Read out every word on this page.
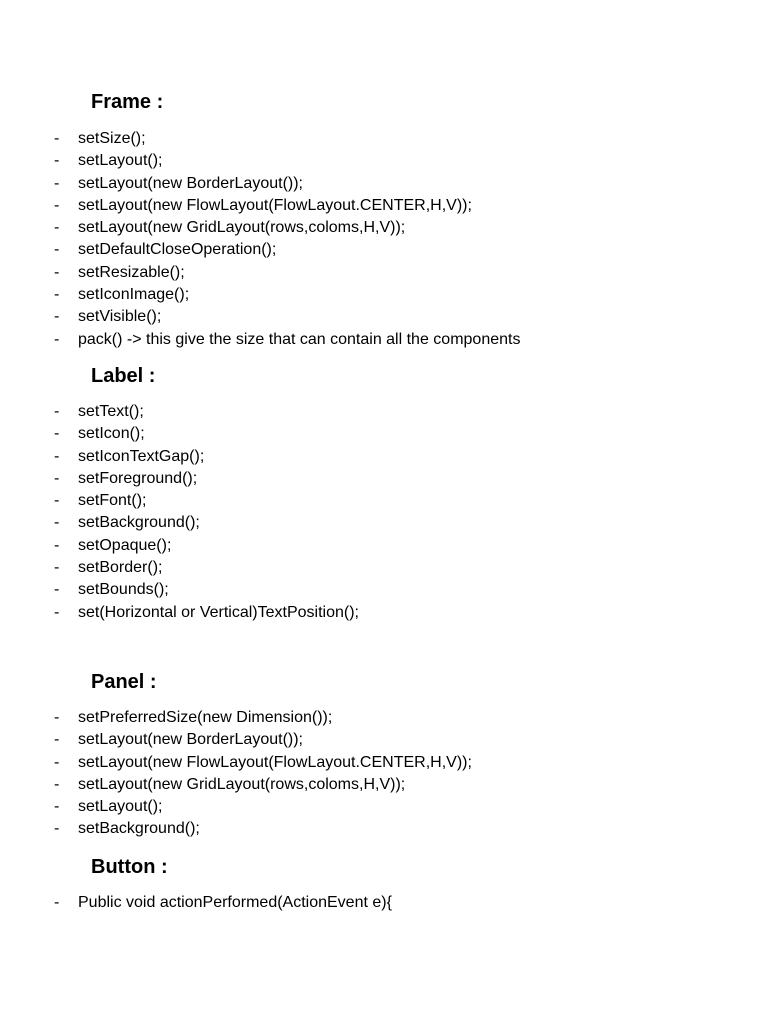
Frame :
- setSize();
- setLayout();
- setLayout(new BorderLayout());
- setLayout(new FlowLayout(FlowLayout.CENTER,H,V));
- setLayout(new GridLayout(rows,coloms,H,V));
- setDefaultCloseOperation();
- setResizable();
- setIconImage();
- setVisible();
- pack() -> this give the size that can contain all the components
Label :
- setText();
- setIcon();
- setIconTextGap();
- setForeground();
- setFont();
- setBackground();
- setOpaque();
- setBorder();
- setBounds();
- set(Horizontal or Vertical)TextPosition();
Panel :
- setPreferredSize(new Dimension());
- setLayout(new BorderLayout());
- setLayout(new FlowLayout(FlowLayout.CENTER,H,V));
- setLayout(new GridLayout(rows,coloms,H,V));
- setLayout();
- setBackground();
Button :
- Public void actionPerformed(ActionEvent e){
